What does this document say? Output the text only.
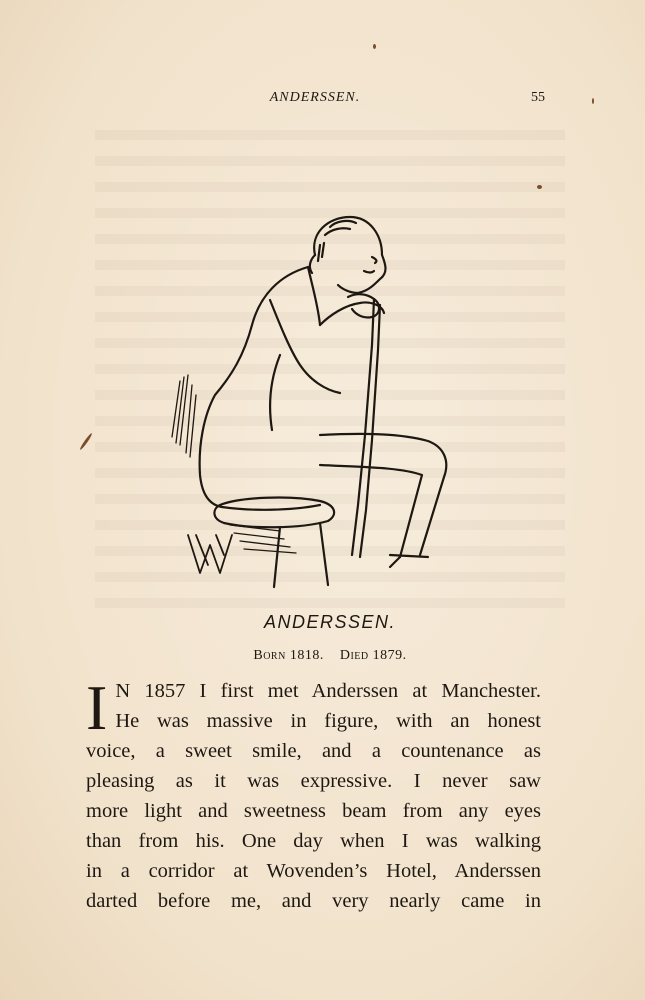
ANDERSSEN.	55
ANDERSSEN.
Born 1818. Died 1879.
I N 1857 I first met Anderssen at Manchester.
He was massive in figure, with an honest
voice, a sweet smile, and a countenance as
pleasing as it was expressive. I never saw
more light and sweetness beam from any eyes
than from his. One day when I was walking
in a corridor at Wovenden’s Hotel, Anderssen
darted before me, and very nearly came in
